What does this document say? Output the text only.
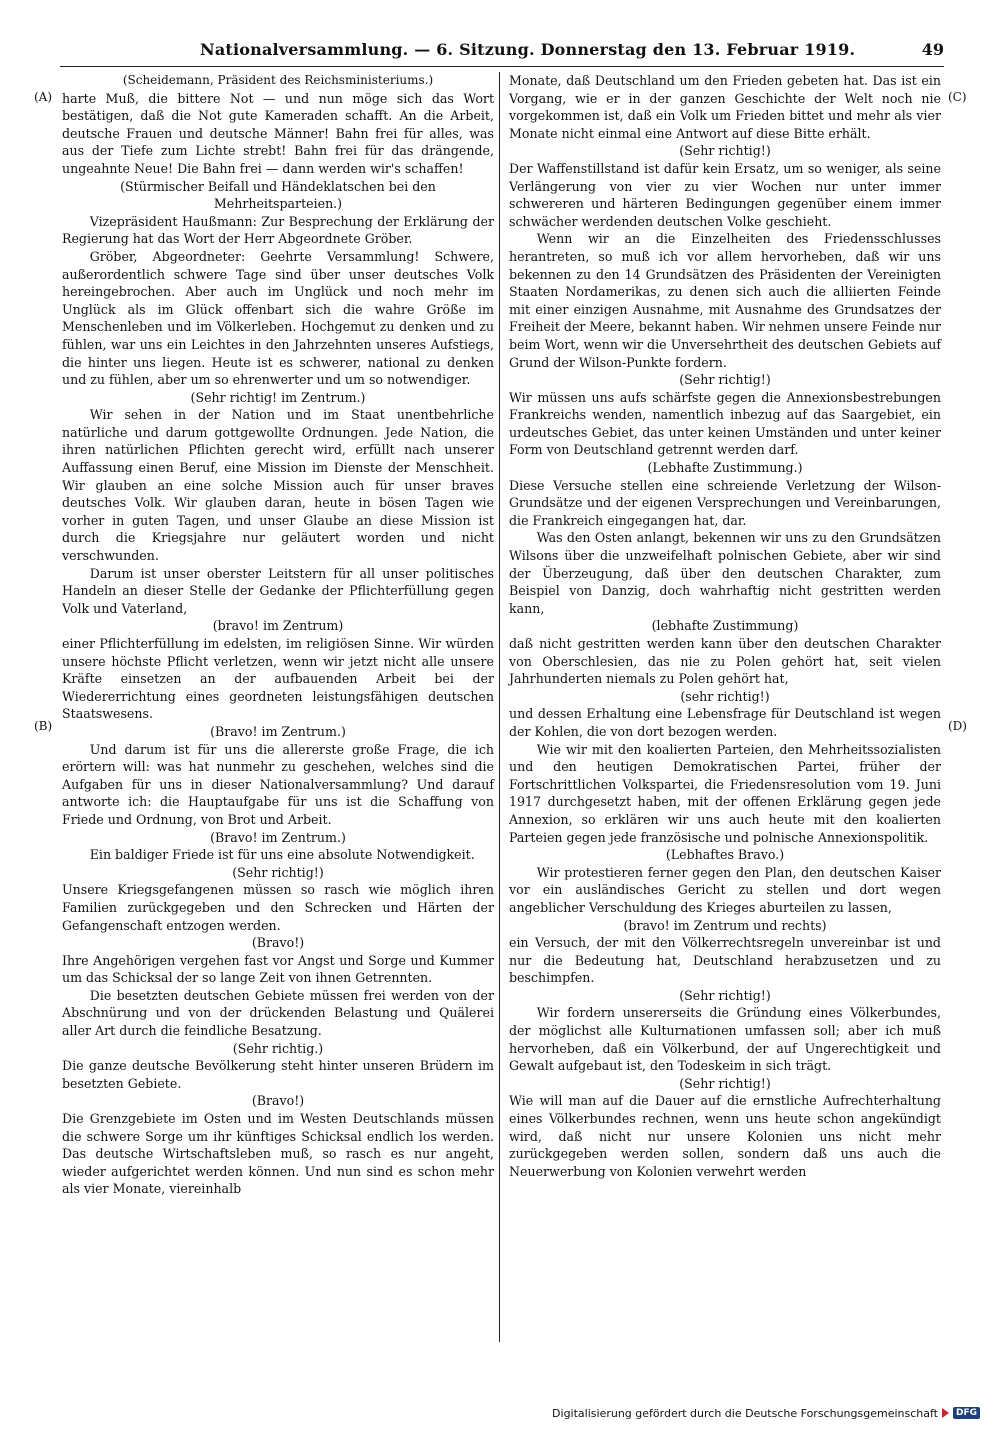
Nationalversammlung. — 6. Sitzung. Donnerstag den 13. Februar 1919.	49
(A)
(B)
(C)
(D)

(Scheidemann, Präsident des Reichsministeriums.)

harte Muß, die bittere Not — und nun möge sich das Wort bestätigen, daß die Not gute Kameraden schafft. An die Arbeit, deutsche Frauen und deutsche Männer! Bahn frei für alles, was aus der Tiefe zum Lichte strebt! Bahn frei für das drängende, ungeahnte Neue! Die Bahn frei — dann werden wir's schaffen!

(Stürmischer Beifall und Händeklatschen bei den Mehrheitsparteien.)

Vizepräsident Haußmann: Zur Besprechung der Erklärung der Regierung hat das Wort der Herr Abgeordnete Gröber.

Gröber, Abgeordneter: Geehrte Versammlung! Schwere, außerordentlich schwere Tage sind über unser deutsches Volk hereingebrochen. Aber auch im Unglück und noch mehr im Unglück als im Glück offenbart sich die wahre Größe im Menschenleben und im Völkerleben. Hochgemut zu denken und zu fühlen, war uns ein Leichtes in den Jahrzehnten unseres Aufstiegs, die hinter uns liegen. Heute ist es schwerer, national zu denken und zu fühlen, aber um so ehrenwerter und um so notwendiger.

(Sehr richtig! im Zentrum.)

Wir sehen in der Nation und im Staat unentbehrliche natürliche und darum gottgewollte Ordnungen. Jede Nation, die ihren natürlichen Pflichten gerecht wird, erfüllt nach unserer Auffassung einen Beruf, eine Mission im Dienste der Menschheit. Wir glauben an eine solche Mission auch für unser braves deutsches Volk. Wir glauben daran, heute in bösen Tagen wie vorher in guten Tagen, und unser Glaube an diese Mission ist durch die Kriegsjahre nur geläutert worden und nicht verschwunden.

Darum ist unser oberster Leitstern für all unser politisches Handeln an dieser Stelle der Gedanke der Pflichterfüllung gegen Volk und Vaterland,

(bravo! im Zentrum)

einer Pflichterfüllung im edelsten, im religiösen Sinne. Wir würden unsere höchste Pflicht verletzen, wenn wir jetzt nicht alle unsere Kräfte einsetzen an der aufbauenden Arbeit bei der Wiedererrichtung eines geordneten leistungsfähigen deutschen Staatswesens.

(Bravo! im Zentrum.)

Und darum ist für uns die allererste große Frage, die ich erörtern will: was hat nunmehr zu geschehen, welches sind die Aufgaben für uns in dieser Nationalversammlung? Und darauf antworte ich: die Hauptaufgabe für uns ist die Schaffung von Friede und Ordnung, von Brot und Arbeit.

(Bravo! im Zentrum.)

Ein baldiger Friede ist für uns eine absolute Notwendigkeit.

(Sehr richtig!)

Unsere Kriegsgefangenen müssen so rasch wie möglich ihren Familien zurückgegeben und den Schrecken und Härten der Gefangenschaft entzogen werden.

(Bravo!)

Ihre Angehörigen vergehen fast vor Angst und Sorge und Kummer um das Schicksal der so lange Zeit von ihnen Getrennten.

Die besetzten deutschen Gebiete müssen frei werden von der Abschnürung und von der drückenden Belastung und Quälerei aller Art durch die feindliche Besatzung.

(Sehr richtig.)

Die ganze deutsche Bevölkerung steht hinter unseren Brüdern im besetzten Gebiete.

(Bravo!)

Die Grenzgebiete im Osten und im Westen Deutschlands müssen die schwere Sorge um ihr künftiges Schicksal endlich los werden. Das deutsche Wirtschaftsleben muß, so rasch es nur angeht, wieder aufgerichtet werden können. Und nun sind es schon mehr als vier Monate, viereinhalb

Monate, daß Deutschland um den Frieden gebeten hat. Das ist ein Vorgang, wie er in der ganzen Geschichte der Welt noch nie vorgekommen ist, daß ein Volk um Frieden bittet und mehr als vier Monate nicht einmal eine Antwort auf diese Bitte erhält.

(Sehr richtig!)

Der Waffenstillstand ist dafür kein Ersatz, um so weniger, als seine Verlängerung von vier zu vier Wochen nur unter immer schwereren und härteren Bedingungen gegenüber einem immer schwächer werdenden deutschen Volke geschieht.

Wenn wir an die Einzelheiten des Friedensschlusses herantreten, so muß ich vor allem hervorheben, daß wir uns bekennen zu den 14 Grundsätzen des Präsidenten der Vereinigten Staaten Nordamerikas, zu denen sich auch die alliierten Feinde mit einer einzigen Ausnahme, mit Ausnahme des Grundsatzes der Freiheit der Meere, bekannt haben. Wir nehmen unsere Feinde nur beim Wort, wenn wir die Unversehrtheit des deutschen Gebiets auf Grund der Wilson-Punkte fordern.

(Sehr richtig!)

Wir müssen uns aufs schärfste gegen die Annexionsbestrebungen Frankreichs wenden, namentlich inbezug auf das Saargebiet, ein urdeutsches Gebiet, das unter keinen Umständen und unter keiner Form von Deutschland getrennt werden darf.

(Lebhafte Zustimmung.)

Diese Versuche stellen eine schreiende Verletzung der Wilson-Grundsätze und der eigenen Versprechungen und Vereinbarungen, die Frankreich eingegangen hat, dar.

Was den Osten anlangt, bekennen wir uns zu den Grundsätzen Wilsons über die unzweifelhaft polnischen Gebiete, aber wir sind der Überzeugung, daß über den deutschen Charakter, zum Beispiel von Danzig, doch wahrhaftig nicht gestritten werden kann,

(lebhafte Zustimmung)

daß nicht gestritten werden kann über den deutschen Charakter von Oberschlesien, das nie zu Polen gehört hat, seit vielen Jahrhunderten niemals zu Polen gehört hat,

(sehr richtig!)

und dessen Erhaltung eine Lebensfrage für Deutschland ist wegen der Kohlen, die von dort bezogen werden.

Wie wir mit den koalierten Parteien, den Mehrheitssozialisten und den heutigen Demokratischen Partei, früher der Fortschrittlichen Volkspartei, die Friedensresolution vom 19. Juni 1917 durchgesetzt haben, mit der offenen Erklärung gegen jede Annexion, so erklären wir uns auch heute mit den koalierten Parteien gegen jede französische und polnische Annexionspolitik.

(Lebhaftes Bravo.)

Wir protestieren ferner gegen den Plan, den deutschen Kaiser vor ein ausländisches Gericht zu stellen und dort wegen angeblicher Verschuldung des Krieges aburteilen zu lassen,

(bravo! im Zentrum und rechts)

ein Versuch, der mit den Völkerrechtsregeln unvereinbar ist und nur die Bedeutung hat, Deutschland herabzusetzen und zu beschimpfen.

(Sehr richtig!)

Wir fordern unsererseits die Gründung eines Völkerbundes, der möglichst alle Kulturnationen umfassen soll; aber ich muß hervorheben, daß ein Völkerbund, der auf Ungerechtigkeit und Gewalt aufgebaut ist, den Todeskeim in sich trägt.

(Sehr richtig!)

Wie will man auf die Dauer auf die ernstliche Aufrechterhaltung eines Völkerbundes rechnen, wenn uns heute schon angekündigt wird, daß nicht nur unsere Kolonien uns nicht mehr zurückgegeben werden sollen, sondern daß uns auch die Neuerwerbung von Kolonien verwehrt werden

Digitalisierung gefördert durch die Deutsche Forschungsgemeinschaft	DFG
